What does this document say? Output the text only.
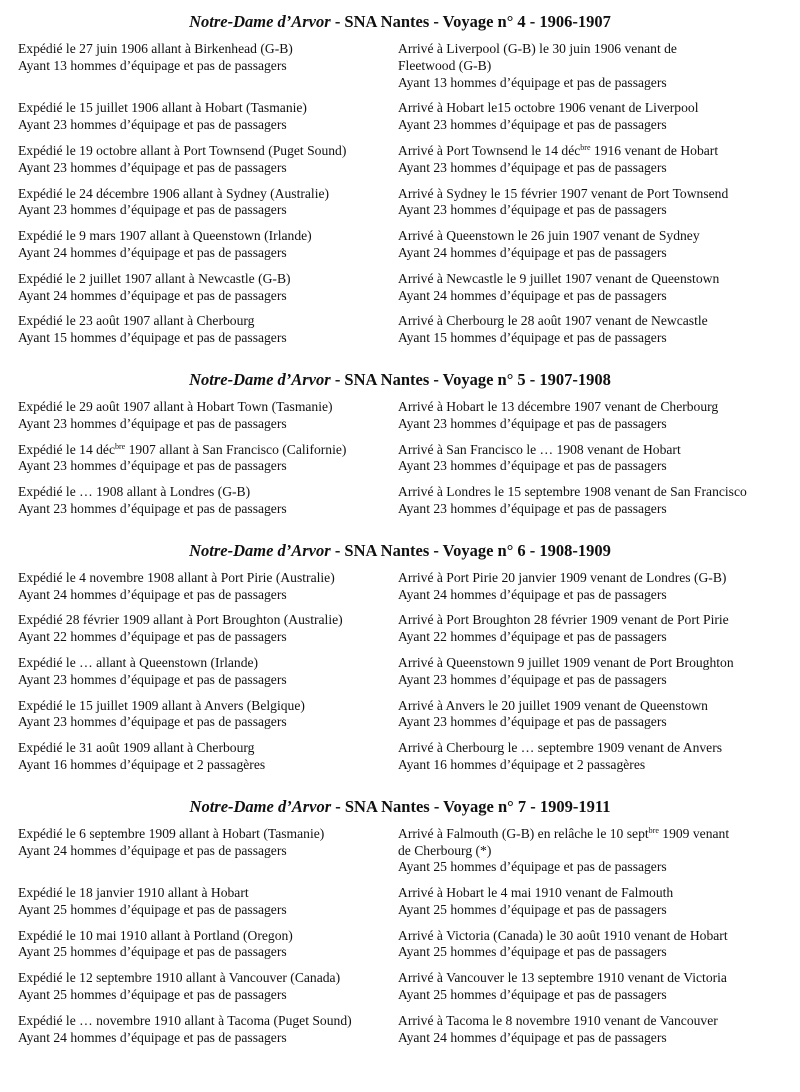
Notre-Dame d’Arvor - SNA Nantes - Voyage n° 4 - 1906-1907
Expédié le 27 juin 1906 allant à Birkenhead (G-B)
Ayant 13 hommes d’équipage et pas de passagers
Arrivé à Liverpool (G-B) le 30 juin 1906 venant de
Fleetwood (G-B)
Ayant 13 hommes d’équipage et pas de passagers
Expédié le 15 juillet 1906 allant à Hobart (Tasmanie)
Ayant 23 hommes d’équipage et pas de passagers
Arrivé à Hobart le15 octobre 1906 venant de Liverpool
Ayant 23 hommes d’équipage et pas de passagers
Expédié le 19 octobre allant à Port Townsend (Puget Sound)
Ayant 23 hommes d’équipage et pas de passagers
Arrivé à Port Townsend le 14 déc$^{bre}$ 1916 venant de Hobart
Ayant 23 hommes d’équipage et pas de passagers
Expédié le 24 décembre 1906 allant à Sydney (Australie)
Ayant 23 hommes d’équipage et pas de passagers
Arrivé à Sydney le 15 février 1907 venant de Port Townsend
Ayant 23 hommes d’équipage et pas de passagers
Expédié le 9 mars 1907 allant à Queenstown (Irlande)
Ayant 24 hommes d’équipage et pas de passagers
Arrivé à Queenstown le 26 juin 1907 venant de Sydney
Ayant 24 hommes d’équipage et pas de passagers
Expédié le 2 juillet 1907 allant à Newcastle (G-B)
Ayant 24 hommes d’équipage et pas de passagers
Arrivé à Newcastle le 9 juillet 1907 venant de Queenstown
Ayant 24 hommes d’équipage et pas de passagers
Expédié le 23 août 1907 allant à Cherbourg
Ayant 15 hommes d’équipage et pas de passagers
Arrivé à Cherbourg le 28 août 1907 venant de Newcastle
Ayant 15 hommes d’équipage et pas de passagers
Notre-Dame d’Arvor - SNA Nantes - Voyage n° 5 - 1907-1908
Expédié le 29 août 1907 allant à Hobart Town (Tasmanie)
Ayant 23 hommes d’équipage et pas de passagers
Arrivé à Hobart le 13 décembre 1907 venant de Cherbourg
Ayant 23 hommes d’équipage et pas de passagers
Expédié le 14 déc$^{bre}$ 1907 allant à San Francisco (Californie)
Ayant 23 hommes d’équipage et pas de passagers
Arrivé à San Francisco le … 1908 venant de Hobart
Ayant 23 hommes d’équipage et pas de passagers
Expédié le … 1908 allant à Londres (G-B)
Ayant 23 hommes d’équipage et pas de passagers
Arrivé à Londres le 15 septembre 1908 venant de San Francisco
Ayant 23 hommes d’équipage et pas de passagers
Notre-Dame d’Arvor - SNA Nantes - Voyage n° 6 - 1908-1909
Expédié le 4 novembre 1908 allant à Port Pirie (Australie)
Ayant 24 hommes d’équipage et pas de passagers
Arrivé à Port Pirie 20 janvier 1909 venant de Londres (G-B)
Ayant 24 hommes d’équipage et pas de passagers
Expédié 28 février 1909 allant à Port Broughton (Australie)
Ayant 22 hommes d’équipage et pas de passagers
Arrivé à Port Broughton 28 février 1909 venant de Port Pirie
Ayant 22 hommes d’équipage et pas de passagers
Expédié le … allant à Queenstown (Irlande)
Ayant 23 hommes d’équipage et pas de passagers
Arrivé à Queenstown 9 juillet 1909 venant de Port Broughton
Ayant 23 hommes d’équipage et pas de passagers
Expédié le 15 juillet 1909 allant à Anvers (Belgique)
Ayant 23 hommes d’équipage et pas de passagers
Arrivé à Anvers le 20 juillet 1909 venant de Queenstown
Ayant 23 hommes d’équipage et pas de passagers
Expédié le 31 août 1909 allant à Cherbourg
Ayant 16 hommes d’équipage et 2 passagères
Arrivé à Cherbourg le … septembre 1909 venant de Anvers
Ayant 16 hommes d’équipage et 2 passagères
Notre-Dame d’Arvor - SNA Nantes - Voyage n° 7 - 1909-1911
Expédié le 6 septembre 1909 allant à Hobart (Tasmanie)
Ayant 24 hommes d’équipage et pas de passagers
Arrivé à Falmouth (G-B) en relâche le 10 sept$^{bre}$ 1909 venant
de Cherbourg (*)
Ayant 25 hommes d’équipage et pas de passagers
Expédié le 18 janvier 1910 allant à Hobart
Ayant 25 hommes d’équipage et pas de passagers
Arrivé à Hobart le 4 mai 1910 venant de Falmouth
Ayant 25 hommes d’équipage et pas de passagers
Expédié le 10 mai 1910 allant à Portland (Oregon)
Ayant 25 hommes d’équipage et pas de passagers
Arrivé à Victoria (Canada) le 30 août 1910 venant de Hobart
Ayant 25 hommes d’équipage et pas de passagers
Expédié le 12 septembre 1910 allant à Vancouver (Canada)
Ayant 25 hommes d’équipage et pas de passagers
Arrivé à Vancouver le 13 septembre 1910 venant de Victoria
Ayant 25 hommes d’équipage et pas de passagers
Expédié le … novembre 1910 allant à Tacoma (Puget Sound)
Ayant 24 hommes d’équipage et pas de passagers
Arrivé à Tacoma le 8 novembre 1910 venant de Vancouver
Ayant 24 hommes d’équipage et pas de passagers
